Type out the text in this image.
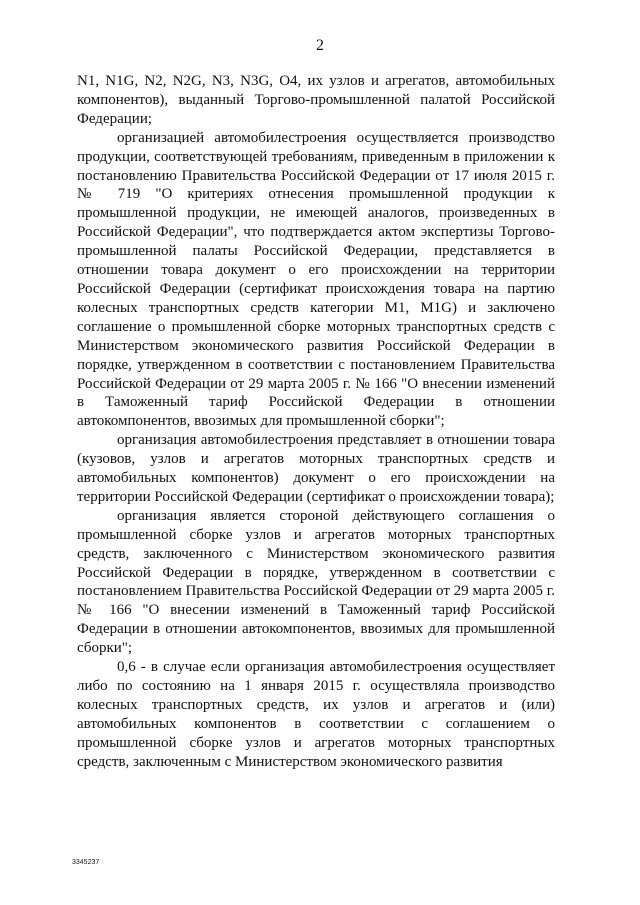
2

N1, N1G, N2, N2G, N3, N3G, O4, их узлов и агрегатов, автомобильных компонентов), выданный Торгово-промышленной палатой Российской Федерации;

организацией автомобилестроения осуществляется производство продукции, соответствующей требованиям, приведенным в приложении к постановлению Правительства Российской Федерации от 17 июля 2015 г. № 719 "О критериях отнесения промышленной продукции к промышленной продукции, не имеющей аналогов, произведенных в Российской Федерации", что подтверждается актом экспертизы Торгово-промышленной палаты Российской Федерации, представляется в отношении товара документ о его происхождении на территории Российской Федерации (сертификат происхождения товара на партию колесных транспортных средств категории M1, M1G) и заключено соглашение о промышленной сборке моторных транспортных средств с Министерством экономического развития Российской Федерации в порядке, утвержденном в соответствии с постановлением Правительства Российской Федерации от 29 марта 2005 г. № 166 "О внесении изменений в Таможенный тариф Российской Федерации в отношении автокомпонентов, ввозимых для промышленной сборки";

организация автомобилестроения представляет в отношении товара (кузовов, узлов и агрегатов моторных транспортных средств и автомобильных компонентов) документ о его происхождении на территории Российской Федерации (сертификат о происхождении товара);

организация является стороной действующего соглашения о промышленной сборке узлов и агрегатов моторных транспортных средств, заключенного с Министерством экономического развития Российской Федерации в порядке, утвержденном в соответствии с постановлением Правительства Российской Федерации от 29 марта 2005 г. № 166 "О внесении изменений в Таможенный тариф Российской Федерации в отношении автокомпонентов, ввозимых для промышленной сборки";

0,6 - в случае если организация автомобилестроения осуществляет либо по состоянию на 1 января 2015 г. осуществляла производство колесных транспортных средств, их узлов и агрегатов и (или) автомобильных компонентов в соответствии с соглашением о промышленной сборке узлов и агрегатов моторных транспортных средств, заключенным с Министерством экономического развития

3345237
